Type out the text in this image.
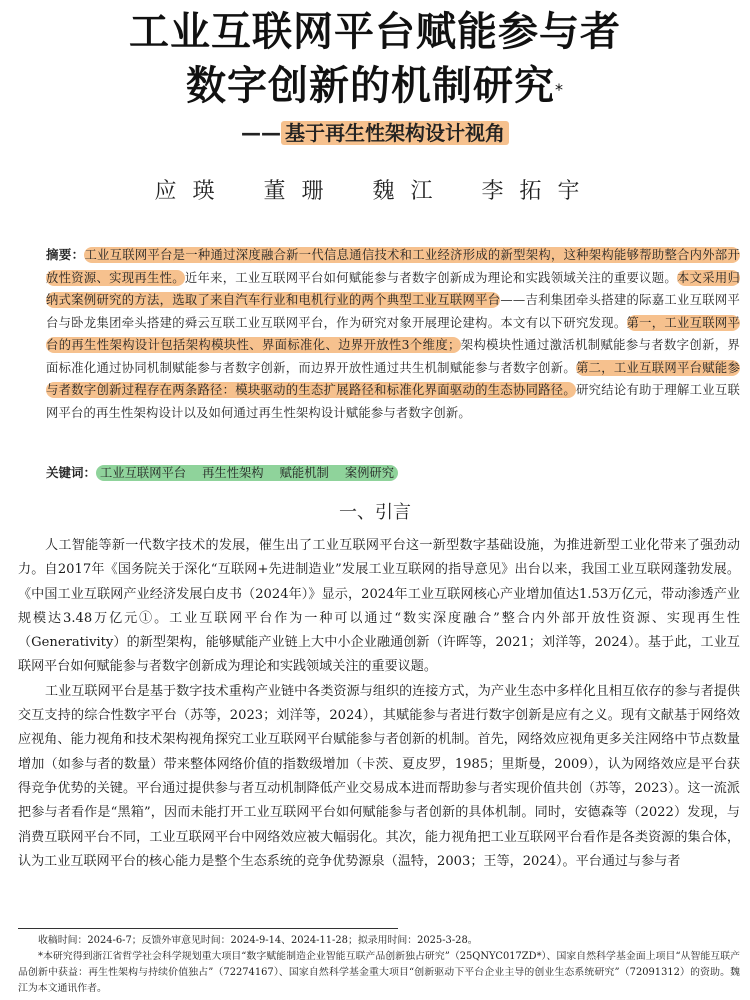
工业互联网平台赋能参与者
数字创新的机制研究*
—— 基于再生性架构设计视角
应瑛 董珊 魏江 李拓宇
摘要：工业互联网平台是一种通过深度融合新一代信息通信技术和工业经济形成的新型架构，这种架构能够帮助整合内外部开放性资源、实现再生性。近年来，工业互联网平台如何赋能参与者数字创新成为理论和实践领域关注的重要议题。本文采用归纳式案例研究的方法，选取了来自汽车行业和电机行业的两个典型工业互联网平台——吉利集团牵头搭建的际嘉工业互联网平台与卧龙集团牵头搭建的舜云互联工业互联网平台，作为研究对象开展理论建构。本文有以下研究发现。第一，工业互联网平台的再生性架构设计包括架构模块性、界面标准化、边界开放性3个维度；架构模块性通过激活机制赋能参与者数字创新，界面标准化通过协同机制赋能参与者数字创新，而边界开放性通过共生机制赋能参与者数字创新。第二，工业互联网平台赋能参与者数字创新过程存在两条路径：模块驱动的生态扩展路径和标准化界面驱动的生态协同路径。研究结论有助于理解工业互联网平台的再生性架构设计以及如何通过再生性架构设计赋能参与者数字创新。
关键词： 工业互联网平台 再生性架构 赋能机制 案例研究
一、引言

人工智能等新一代数字技术的发展，催生出了工业互联网平台这一新型数字基础设施，为推进新型工业化带来了强劲动力。自2017年《国务院关于深化“互联网+先进制造业”发展工业互联网的指导意见》出台以来，我国工业互联网蓬勃发展。《中国工业互联网产业经济发展白皮书（2024年）》显示，2024年工业互联网核心产业增加值达1.53万亿元，带动渗透产业规模达3.48万亿元①。工业互联网平台作为一种可以通过“数实深度融合”整合内外部开放性资源、实现再生性（Generativity）的新型架构，能够赋能产业链上大中小企业融通创新（许晖等，2021；刘洋等，2024）。基于此，工业互联网平台如何赋能参与者数字创新成为理论和实践领域关注的重要议题。

工业互联网平台是基于数字技术重构产业链中各类资源与组织的连接方式，为产业生态中多样化且相互依存的参与者提供交互支持的综合性数字平台（苏等，2023；刘洋等，2024），其赋能参与者进行数字创新是应有之义。现有文献基于网络效应视角、能力视角和技术架构视角探究工业互联网平台赋能参与者创新的机制。首先，网络效应视角更多关注网络中节点数量增加（如参与者的数量）带来整体网络价值的指数级增加（卡茨、夏皮罗，1985；里斯曼，2009），认为网络效应是平台获得竞争优势的关键。平台通过提供参与者互动机制降低产业交易成本进而帮助参与者实现价值共创（苏等，2023）。这一流派把参与者看作是“黑箱”，因而未能打开工业互联网平台如何赋能参与者创新的具体机制。同时，安德森等（2022）发现，与消费互联网平台不同，工业互联网平台中网络效应被大幅弱化。其次，能力视角把工业互联网平台看作是各类资源的集合体，认为工业互联网平台的核心能力是整个生态系统的竞争优势源泉（温特，2003；王等，2024）。平台通过与参与者

收稿时间：2024-6-7；反馈外审意见时间：2024-9-14、2024-11-28；拟录用时间：2025-3-28。

*本研究得到浙江省哲学社会科学规划重大项目“数字赋能制造企业智能互联产品创新独占研究”（25QNYC017ZD*）、国家自然科学基金面上项目“从智能互联产品创新中获益：再生性架构与持续价值独占”（72274167）、国家自然科学基金重大项目“创新驱动下平台企业主导的创业生态系统研究”（72091312）的资助。魏江为本文通讯作者。
